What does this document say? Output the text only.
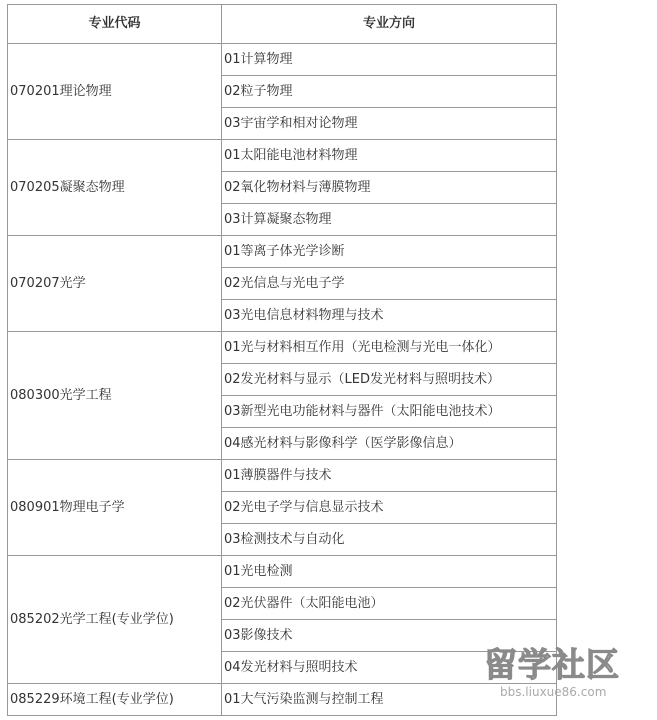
专业代码	专业方向
070201理论物理	01计算物理
	02粒子物理
	03宇宙学和相对论物理
070205凝聚态物理	01太阳能电池材料物理
	02氧化物材料与薄膜物理
	03计算凝聚态物理
070207光学	01等离子体光学诊断
	02光信息与光电子学
	03光电信息材料物理与技术
080300光学工程	01光与材料相互作用（光电检测与光电一体化）
	02发光材料与显示（LED发光材料与照明技术）
	03新型光电功能材料与器件（太阳能电池技术）
	04感光材料与影像科学（医学影像信息）
080901物理电子学	01薄膜器件与技术
	02光电子学与信息显示技术
	03检测技术与自动化
085202光学工程(专业学位)	01光电检测
	02光伏器件（太阳能电池）
	03影像技术
	04发光材料与照明技术
085229环境工程(专业学位)	01大气污染监测与控制工程
留学社区
bbs.liuxue86.com
